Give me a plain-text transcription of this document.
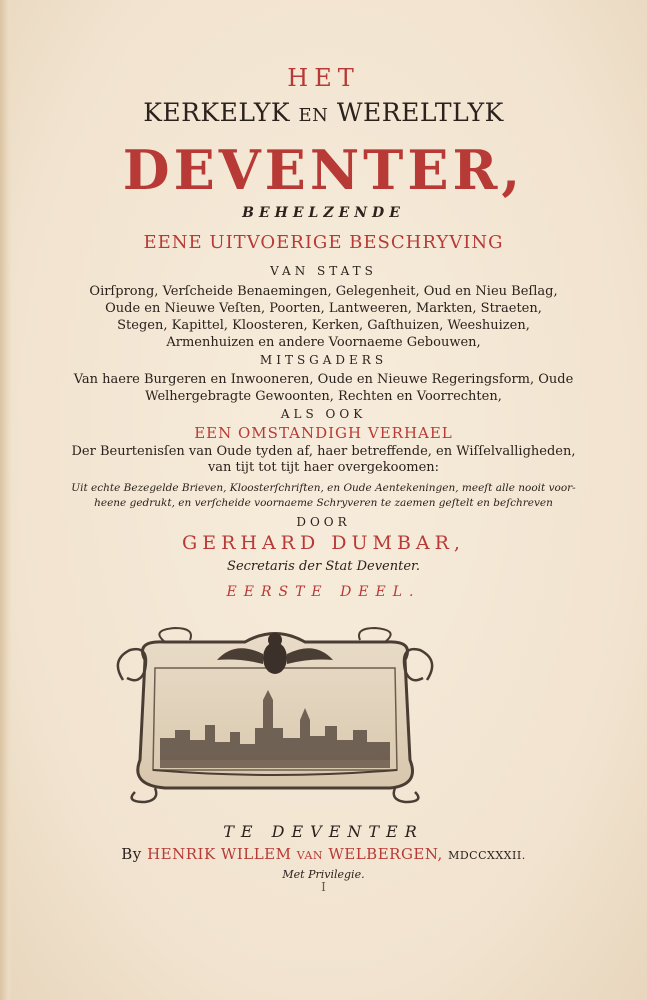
HET
KERKELYK EN WERELTLYK
DEVENTER,
BEHELZENDE
EENE UITVOERIGE BESCHRYVING
VAN STATS
Oirſprong, Verſcheide Benaemingen, Gelegenheit, Oud en Nieu Beſlag,
Oude en Nieuwe Veſten, Poorten, Lantweeren, Markten, Straeten,
Stegen, Kapittel, Kloosteren, Kerken, Gaſthuizen, Weeshuizen,
Armenhuizen en andere Voornaeme Gebouwen,
MITSGADERS
Van haere Burgeren en Inwooneren, Oude en Nieuwe Regeringsform, Oude
Welhergebragte Gewoonten, Rechten en Voorrechten,
ALS OOK
EEN OMSTANDIGH VERHAEL
Der Beurtenisſen van Oude tyden af, haer betreffende, en Wiſſelvalligheden,
van tijt tot tijt haer overgekoomen:
Uit echte Bezegelde Brieven, Kloosterſchriften, en Oude Aentekeningen, meeſt alle nooit voor-
heene gedrukt, en verſcheide voornaeme Schryveren te zaemen geſtelt en beſchreven
DOOR
GERHARD DUMBAR,
Secretaris der Stat Deventer.
EERSTE DEEL.
TE DEVENTER
By HENRIK WILLEM VAN WELBERGEN, MDCCXXXII.
Met Privilegie.
I
